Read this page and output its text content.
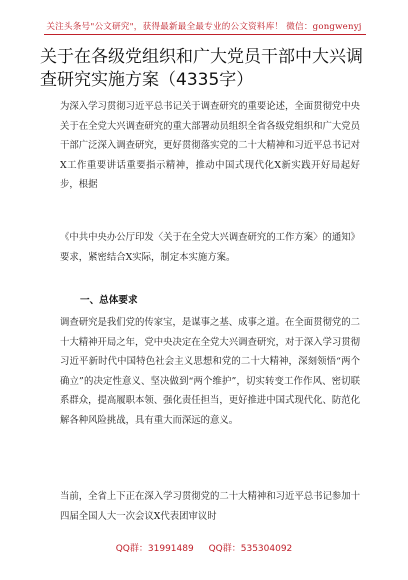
关注头条号"公文研究"，获得最新最全最专业的公文资料库！ 微信：gongwenyj
关于在各级党组织和广大党员干部中大兴调查研究实施方案（4335字）

为深入学习贯彻习近平总书记关于调查研究的重要论述，全面贯彻党中央关于在全党大兴调查研究的重大部署动员组织全省各级党组织和广大党员干部广泛深入调查研究，更好贯彻落实党的二十大精神和习近平总书记对X工作重要讲话重要指示精神，推动中国式现代化X新实践开好局起好步，根据

《中共中央办公厅印发〈关于在全党大兴调查研究的工作方案〉的通知》要求，紧密结合X实际，制定本实施方案。

一、总体要求

调查研究是我们党的传家宝，是谋事之基、成事之道。在全面贯彻党的二十大精神开局之年，党中央决定在全党大兴调查研究，对于深入学习贯彻习近平新时代中国特色社会主义思想和党的二十大精神，深刻领悟“两个确立”的决定性意义、坚决做到“两个维护”，切实转变工作作风、密切联系群众，提高履职本领、强化责任担当，更好推进中国式现代化、防范化解各种风险挑战，具有重大而深远的意义。

当前，全省上下正在深入学习贯彻党的二十大精神和习近平总书记参加十四届全国人大一次会议X代表团审议时

QQ群：31991489 QQ群：535304092
